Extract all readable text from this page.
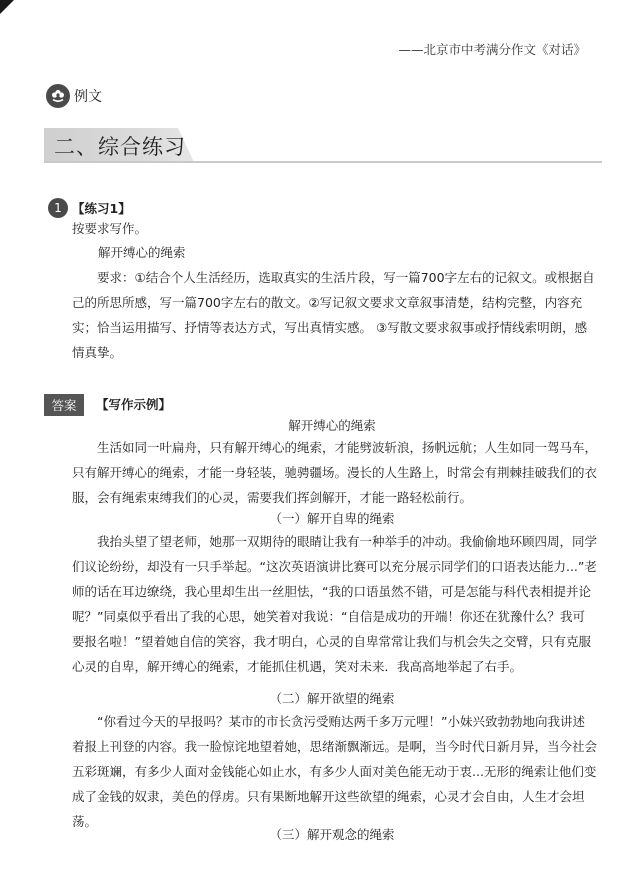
——北京市中考满分作文《对话》
例文
二、综合练习
1 【练习1】
按要求写作。
解开缚心的绳索
要求：①结合个人生活经历，选取真实的生活片段，写一篇700字左右的记叙文。或根据自己的所思所感，写一篇700字左右的散文。②写记叙文要求文章叙事清楚，结构完整，内容充实；恰当运用描写、抒情等表达方式，写出真情实感。 ③写散文要求叙事或抒情线索明朗，感情真挚。
答案	【写作示例】
解开缚心的绳索
生活如同一叶扁舟，只有解开缚心的绳索，才能劈波斩浪，扬帆远航；人生如同一驾马车，只有解开缚心的绳索，才能一身轻装，驰骋疆场。漫长的人生路上，时常会有荆棘挂破我们的衣服，会有绳索束缚我们的心灵，需要我们挥剑解开，才能一路轻松前行。
（一）解开自卑的绳索
我抬头望了望老师，她那一双期待的眼睛让我有一种举手的冲动。我偷偷地环顾四周，同学们议论纷纷，却没有一只手举起。“这次英语演讲比赛可以充分展示同学们的口语表达能力...”老师的话在耳边缭绕，我心里却生出一丝胆怯，“我的口语虽然不错，可是怎能与科代表相提并论呢？”同桌似乎看出了我的心思，她笑着对我说：“自信是成功的开端！你还在犹豫什么？我可要报名啦！”望着她自信的笑容，我才明白，心灵的自卑常常让我们与机会失之交臂，只有克服心灵的自卑，解开缚心的绳索，才能抓住机遇，笑对未来．我高高地举起了右手。
（二）解开欲望的绳索
“你看过今天的早报吗？某市的市长贪污受贿达两千多万元哩！”小妹兴致勃勃地向我讲述着报上刊登的内容。我一脸惊诧地望着她，思绪渐飘渐远。是啊，当今时代日新月异，当今社会五彩斑斓，有多少人面对金钱能心如止水，有多少人面对美色能无动于衷...无形的绳索让他们变成了金钱的奴隶，美色的俘虏。只有果断地解开这些欲望的绳索，心灵才会自由，人生才会坦荡。
（三）解开观念的绳索
